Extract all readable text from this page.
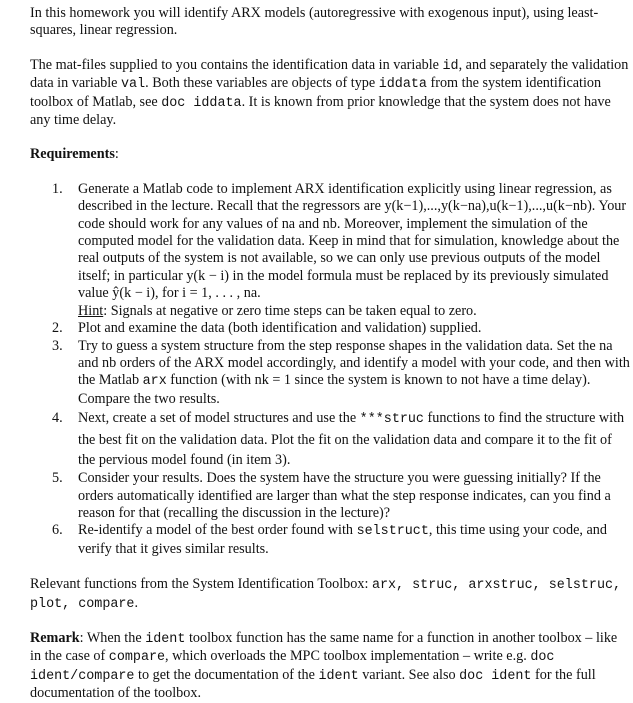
In this homework you will identify ARX models (autoregressive with exogenous input), using least-squares, linear regression.

The mat-files supplied to you contains the identification data in variable id, and separately the validation data in variable val. Both these variables are objects of type iddata from the system identification toolbox of Matlab, see doc iddata. It is known from prior knowledge that the system does not have any time delay.

Requirements:

1.	Generate a Matlab code to implement ARX identification explicitly using linear regression, as described in the lecture. Recall that the regressors are y(k−1),...,y(k−na),u(k−1),...,u(k−nb). Your code should work for any values of na and nb. Moreover, implement the simulation of the computed model for the validation data. Keep in mind that for simulation, knowledge about the real outputs of the system is not available, so we can only use previous outputs of the model itself; in particular y(k − i) in the model formula must be replaced by its previously simulated value ŷ(k − i), for i = 1, . . . , na.
Hint: Signals at negative or zero time steps can be taken equal to zero.
2.	Plot and examine the data (both identification and validation) supplied.
3.	Try to guess a system structure from the step response shapes in the validation data. Set the na and nb orders of the ARX model accordingly, and identify a model with your code, and then with the Matlab arx function (with nk = 1 since the system is known to not have a time delay). Compare the two results.
4.	Next, create a set of model structures and use the ***struc functions to find the structure with the best fit on the validation data. Plot the fit on the validation data and compare it to the fit of the pervious model found (in item 3).
5.	Consider your results. Does the system have the structure you were guessing initially? If the orders automatically identified are larger than what the step response indicates, can you find a reason for that (recalling the discussion in the lecture)?
6.	Re-identify a model of the best order found with selstruct, this time using your code, and verify that it gives similar results.

Relevant functions from the System Identification Toolbox: arx, struc, arxstruc, selstruc, plot, compare.

Remark: When the ident toolbox function has the same name for a function in another toolbox – like in the case of compare, which overloads the MPC toolbox implementation – write e.g. doc ident/compare to get the documentation of the ident variant. See also doc ident for the full documentation of the toolbox.
